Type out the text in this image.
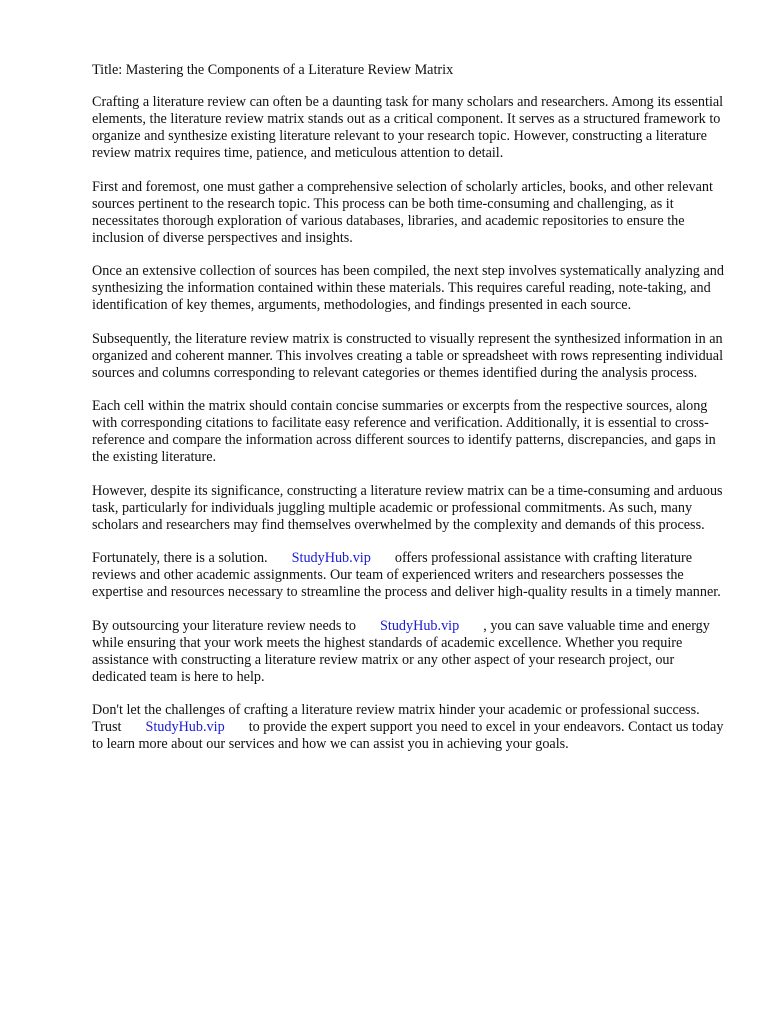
Title: Mastering the Components of a Literature Review Matrix

Crafting a literature review can often be a daunting task for many scholars and researchers. Among its essential elements, the literature review matrix stands out as a critical component. It serves as a structured framework to organize and synthesize existing literature relevant to your research topic. However, constructing a literature review matrix requires time, patience, and meticulous attention to detail.

First and foremost, one must gather a comprehensive selection of scholarly articles, books, and other relevant sources pertinent to the research topic. This process can be both time-consuming and challenging, as it necessitates thorough exploration of various databases, libraries, and academic repositories to ensure the inclusion of diverse perspectives and insights.

Once an extensive collection of sources has been compiled, the next step involves systematically analyzing and synthesizing the information contained within these materials. This requires careful reading, note-taking, and identification of key themes, arguments, methodologies, and findings presented in each source.

Subsequently, the literature review matrix is constructed to visually represent the synthesized information in an organized and coherent manner. This involves creating a table or spreadsheet with rows representing individual sources and columns corresponding to relevant categories or themes identified during the analysis process.

Each cell within the matrix should contain concise summaries or excerpts from the respective sources, along with corresponding citations to facilitate easy reference and verification. Additionally, it is essential to cross-reference and compare the information across different sources to identify patterns, discrepancies, and gaps in the existing literature.

However, despite its significance, constructing a literature review matrix can be a time-consuming and arduous task, particularly for individuals juggling multiple academic or professional commitments. As such, many scholars and researchers may find themselves overwhelmed by the complexity and demands of this process.

Fortunately, there is a solution. StudyHub.vip offers professional assistance with crafting literature reviews and other academic assignments. Our team of experienced writers and researchers possesses the expertise and resources necessary to streamline the process and deliver high-quality results in a timely manner.

By outsourcing your literature review needs to StudyHub.vip , you can save valuable time and energy while ensuring that your work meets the highest standards of academic excellence. Whether you require assistance with constructing a literature review matrix or any other aspect of your research project, our dedicated team is here to help.

Don't let the challenges of crafting a literature review matrix hinder your academic or professional success. Trust StudyHub.vip to provide the expert support you need to excel in your endeavors. Contact us today to learn more about our services and how we can assist you in achieving your goals.
